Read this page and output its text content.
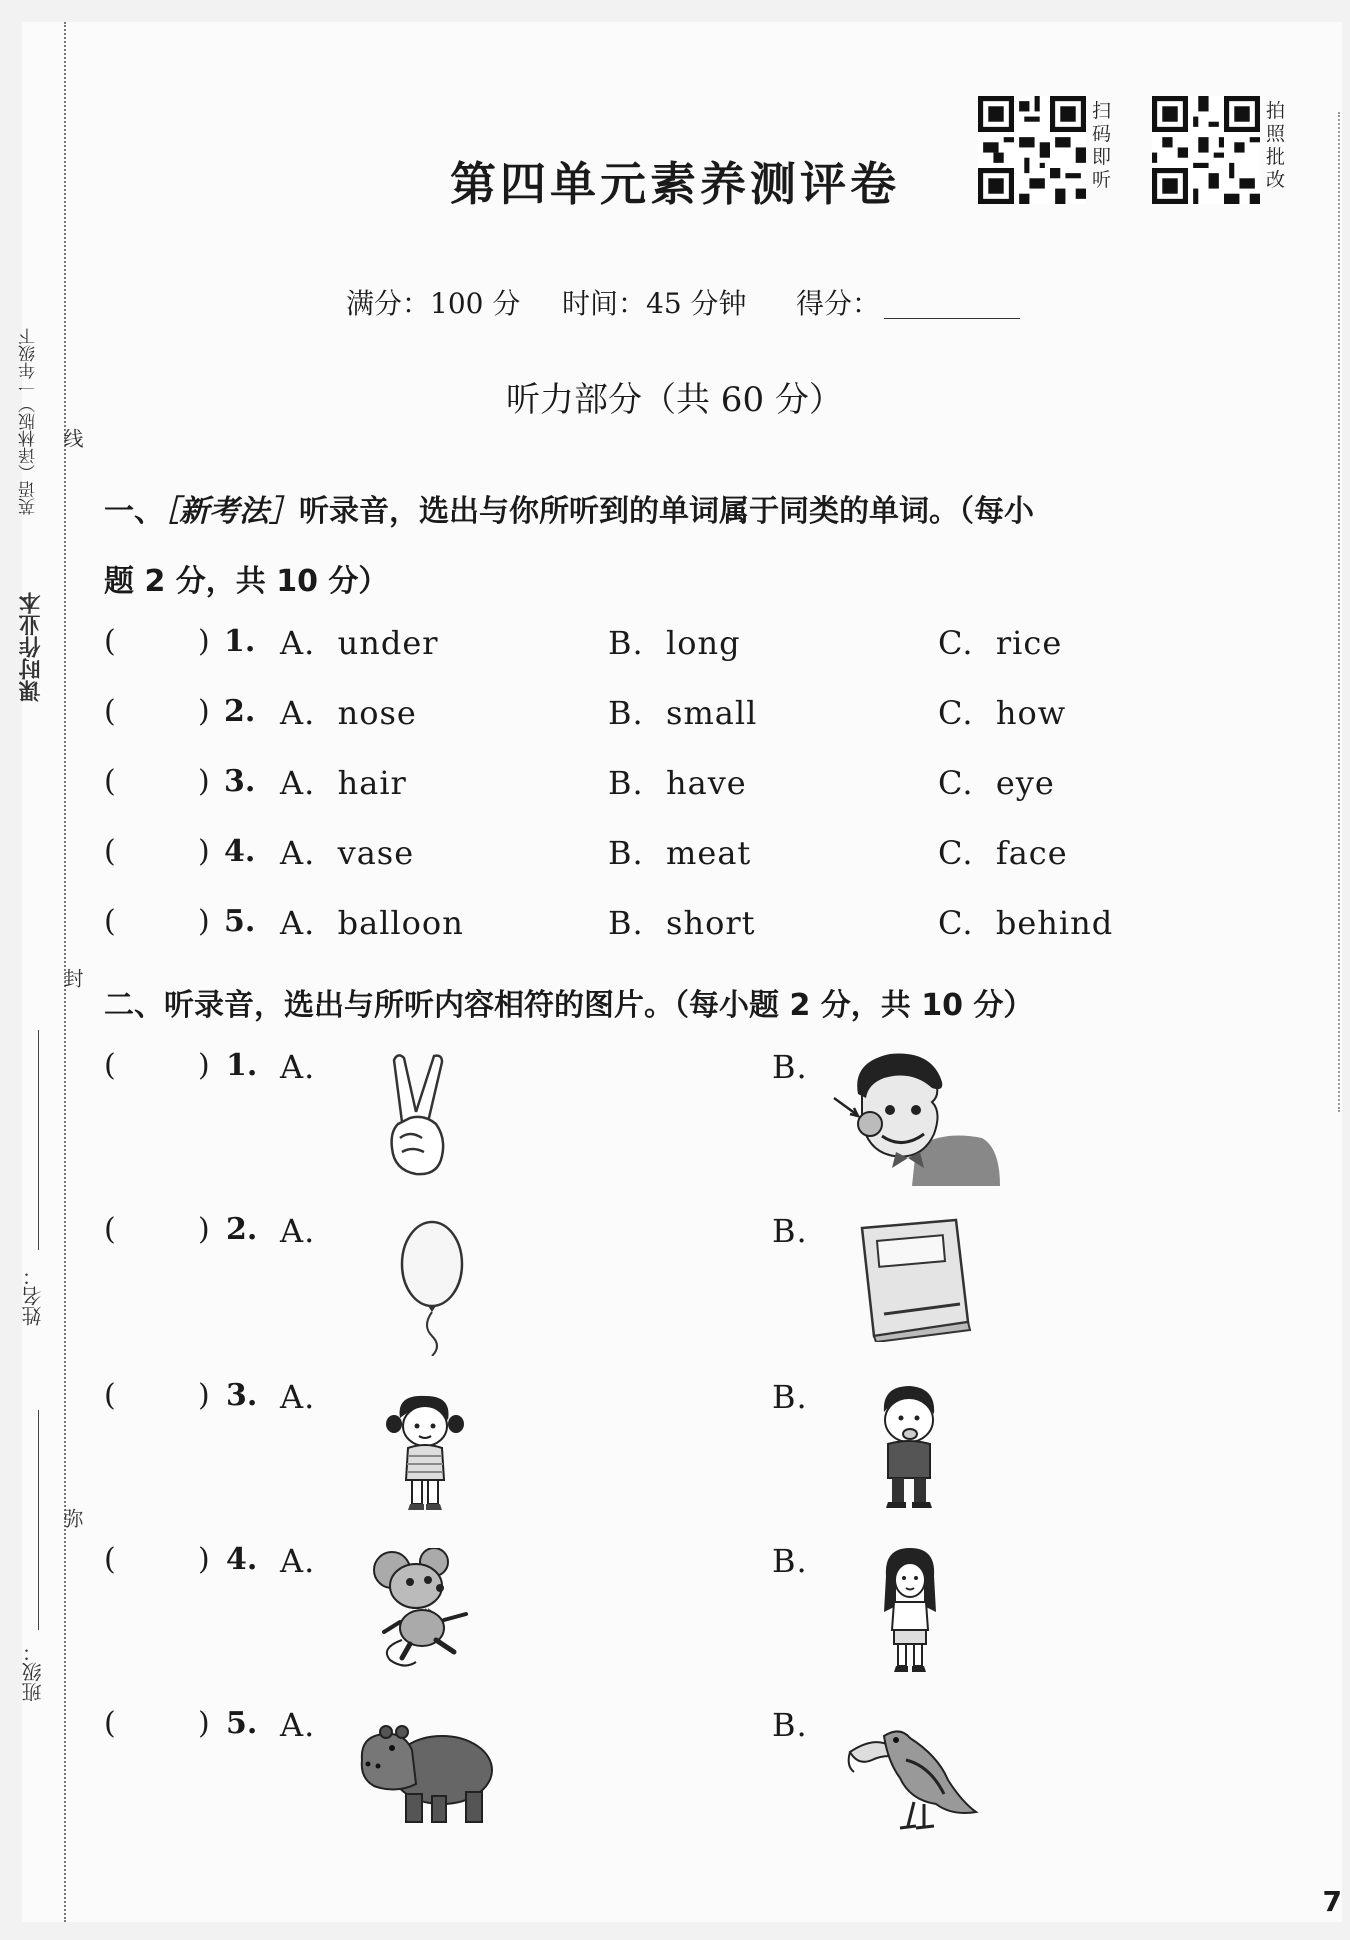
课时作业本
英语（译林版）一年级下 线
封
弥
姓名：
班级：
第四单元素养测评卷
扫码即听
拍照批改
满分：100 分 时间：45 分钟 得分：
听力部分（共 60 分）
一、［新考法］听录音，选出与你所听到的单词属于同类的单词。（每小
题 2 分，共 10 分）
(	) 1. A.  under	B.  long	C.  rice
(	) 2. A.  nose	B.  small	C.  how
(	) 3. A.  hair	B.  have	C.  eye
(	) 4. A.  vase	B.  meat	C.  face
(	) 5. A.  balloon	B.  short	C.  behind
二、听录音，选出与所听内容相符的图片。（每小题 2 分，共 10 分）
(	) 1. A.	B.
(	) 2. A.	B.
(	) 3. A.	B.
(	) 4. A.	B.
(	) 5. A.	B.
7
